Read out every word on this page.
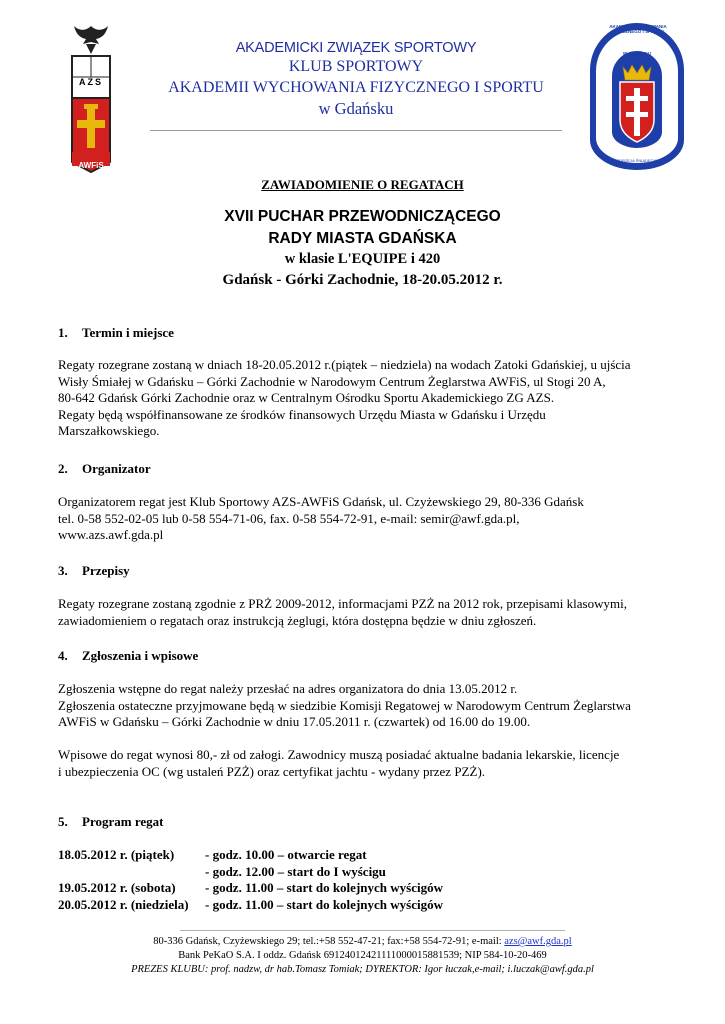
AZS
AWFiS
AKADEMICKI ZWIĄZEK SPORTOWY
KLUB SPORTOWY
AKADEMII WYCHOWANIA FIZYCZNEGO I SPORTU
w Gdańsku
AKADEMIA WYCHOWANIA FIZYCZNEGO I SPORTU
IM. JĘDRZEJA ŚNIADECKIEGO
W GDAŃSKU
ZAWIADOMIENIE O REGATACH
XVII PUCHAR PRZEWODNICZĄCEGO
RADY MIASTA GDAŃSKA
w klasie L'EQUIPE i 420
Gdańsk - Górki Zachodnie, 18-20.05.2012 r.
1. Termin i miejsce
Regaty rozegrane zostaną w dniach 18-20.05.2012 r.(piątek – niedziela) na wodach Zatoki Gdańskiej, u ujścia
Wisły Śmiałej w Gdańsku – Górki Zachodnie w Narodowym Centrum Żeglarstwa AWFiS, ul Stogi 20 A,
80-642 Gdańsk Górki Zachodnie oraz w Centralnym Ośrodku Sportu Akademickiego ZG AZS.
Regaty będą współfinansowane ze środków finansowych Urzędu Miasta w Gdańsku i Urzędu
Marszałkowskiego.
2. Organizator
Organizatorem regat jest Klub Sportowy AZS-AWFiS Gdańsk, ul. Czyżewskiego 29, 80-336 Gdańsk
tel. 0-58 552-02-05 lub 0-58 554-71-06, fax. 0-58 554-72-91, e-mail: semir@awf.gda.pl,
www.azs.awf.gda.pl
3. Przepisy
Regaty rozegrane zostaną zgodnie z PRŻ 2009-2012, informacjami PZŻ na 2012 rok, przepisami klasowymi,
zawiadomieniem o regatach oraz instrukcją żeglugi, która dostępna będzie w dniu zgłoszeń.
4. Zgłoszenia i wpisowe
Zgłoszenia wstępne do regat należy przesłać na adres organizatora do dnia 13.05.2012 r.
Zgłoszenia ostateczne przyjmowane będą w siedzibie Komisji Regatowej w Narodowym Centrum Żeglarstwa
AWFiS w Gdańsku – Górki Zachodnie w dniu 17.05.2011 r. (czwartek) od 16.00 do 19.00.
Wpisowe do regat wynosi 80,- zł od załogi. Zawodnicy muszą posiadać aktualne badania lekarskie, licencje
i ubezpieczenia OC (wg ustaleń PZŻ) oraz certyfikat jachtu - wydany przez PZŻ).
5. Program regat
18.05.2012 r. (piątek) - godz. 10.00 – otwarcie regat
- godz. 12.00 – start do I wyścigu
19.05.2012 r. (sobota) - godz. 11.00 – start do kolejnych wyścigów
20.05.2012 r. (niedziela) - godz. 11.00 – start do kolejnych wyścigów
80-336 Gdańsk, Czyżewskiego 29; tel.:+58 552-47-21; fax:+58 554-72-91; e-mail: azs@awf.gda.pl
Bank PeKaO S.A. I oddz. Gdańsk 69124012421111000015881539; NIP 584-10-20-469
PREZES KLUBU: prof. nadzw, dr hab.Tomasz Tomiak; DYREKTOR: Igor łuczak,e-mail; i.luczak@awf.gda.pl
